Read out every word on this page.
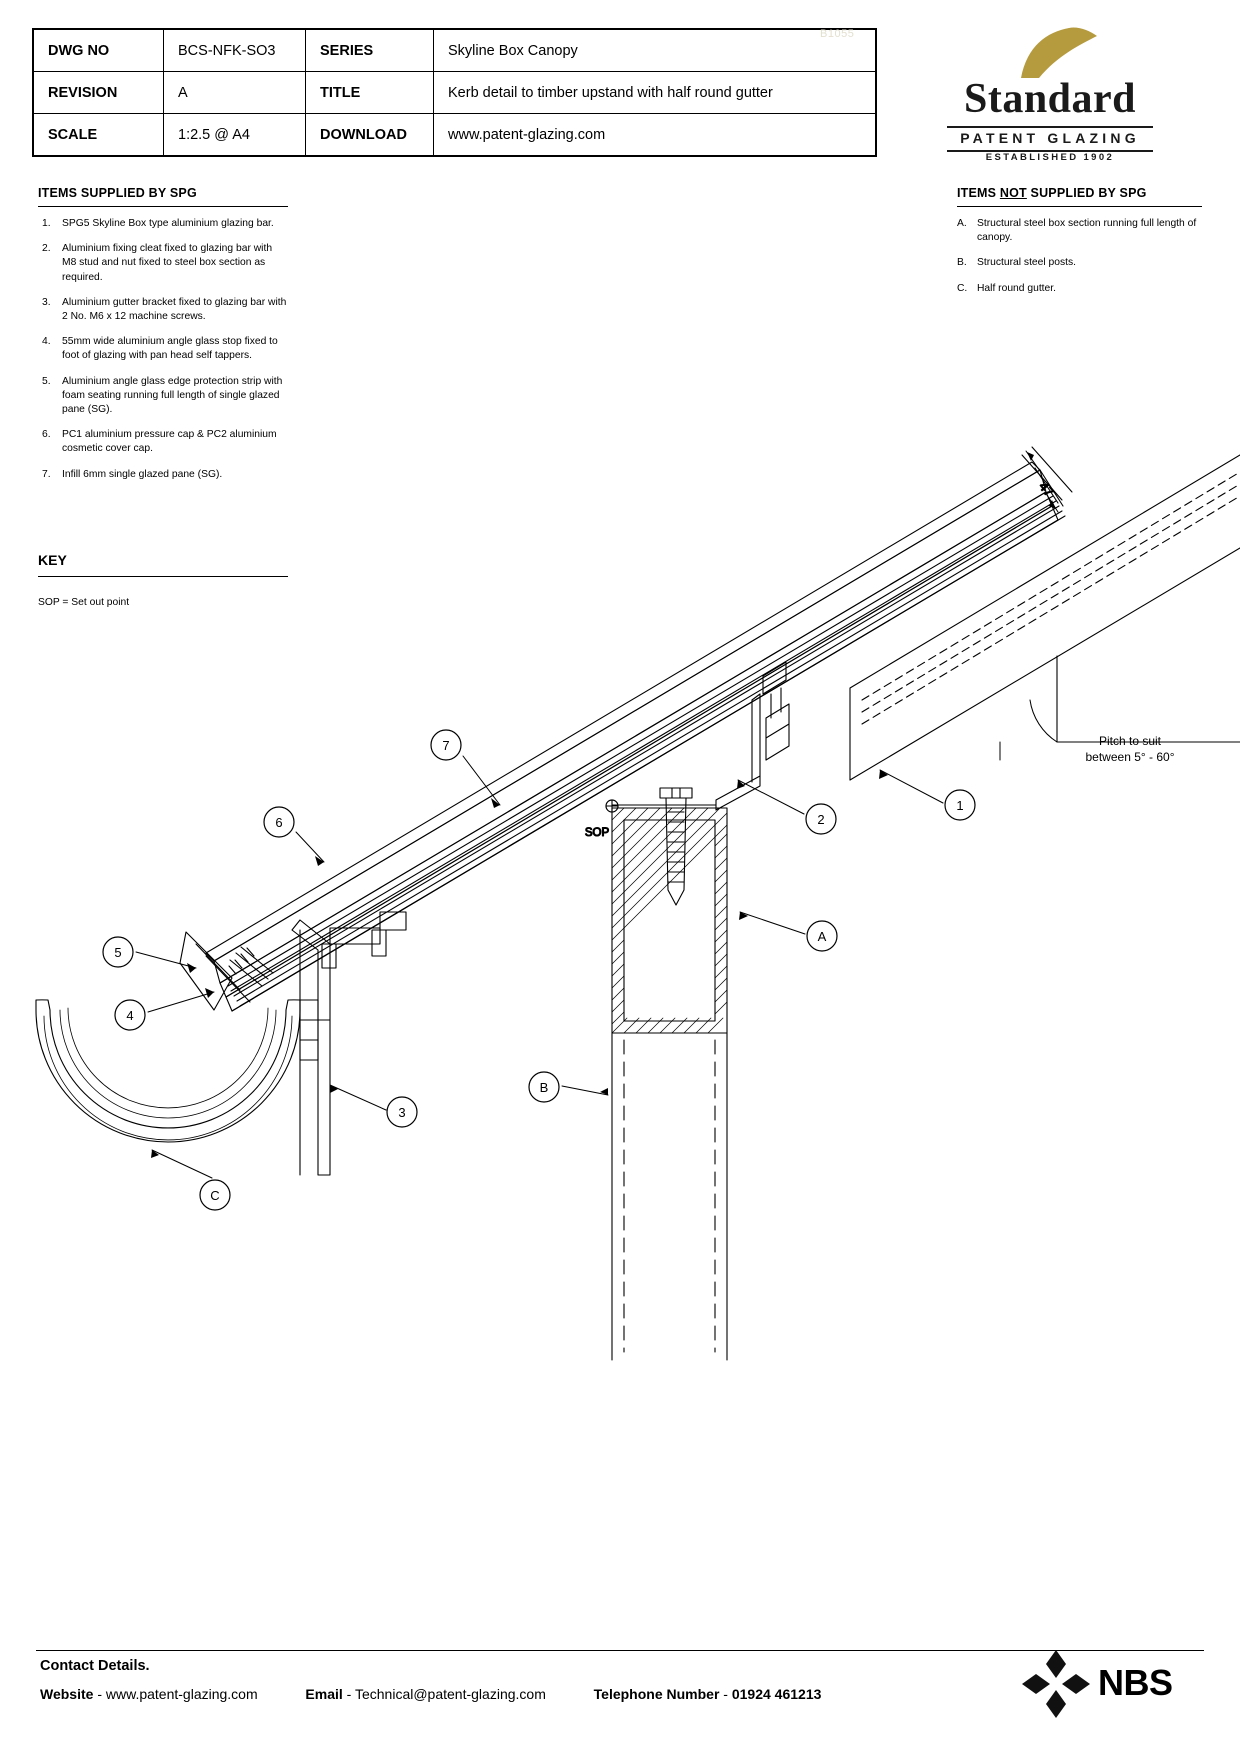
DWG NO	BCS-NFK-SO3	SERIES	Skyline Box Canopy
REVISION	A	TITLE	Kerb detail to timber upstand with half round gutter
SCALE	1:2.5 @ A4	DOWNLOAD	www.patent-glazing.com
B1055
Standard
PATENT GLAZING
ESTABLISHED 1902
ITEMS SUPPLIED BY SPG
1.	SPG5 Skyline Box type aluminium glazing bar.
2.	Aluminium fixing cleat fixed to glazing bar with M8 stud and nut fixed to steel box section as required.
3.	Aluminium gutter bracket fixed to glazing bar with 2 No. M6 x 12 machine screws.
4.	55mm wide aluminium angle glass stop fixed to foot of glazing with pan head self tappers.
5.	Aluminium angle glass edge protection strip with foam seating running full length of single glazed pane (SG).
6.	PC1 aluminium pressure cap & PC2 aluminium cosmetic cover cap.
7.	Infill 6mm single glazed pane (SG).
ITEMS NOT SUPPLIED BY SPG
A. Structural steel box section running full length of canopy.
B. Structural steel posts.
C. Half round gutter.
KEY
SOP = Set out point
47
SOP
7
6
5
4
3
2
1
A
B
C
Pitch to suit
between 5° - 60°
Contact Details.
Website - www.patent-glazing.com	Email - Technical@patent-glazing.com	Telephone Number - 01924 461213	NBS
